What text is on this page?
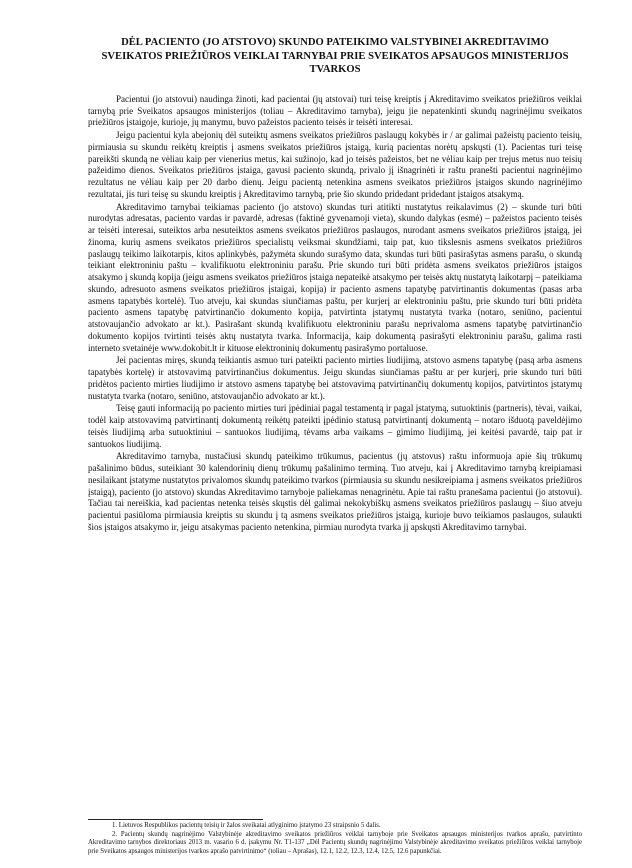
DĖL PACIENTO (JO ATSTOVO) SKUNDO PATEIKIMO VALSTYBINEI AKREDITAVIMO SVEIKATOS PRIEŽIŪROS VEIKLAI TARNYBAI PRIE SVEIKATOS APSAUGOS MINISTERIJOS TVARKOS

Pacientui (jo atstovui) naudinga žinoti, kad pacientai (jų atstovai) turi teisę kreiptis į Akreditavimo sveikatos priežiūros veiklai tarnybą prie Sveikatos apsaugos ministerijos (toliau – Akreditavimo tarnyba), jeigu jie nepatenkinti skundų nagrinėjimu sveikatos priežiūros įstaigoje, kurioje, jų manymu, buvo pažeistos paciento teisės ir teisėti interesai.

Jeigu pacientui kyla abejonių dėl suteiktų asmens sveikatos priežiūros paslaugų kokybės ir / ar galimai pažeistų paciento teisių, pirmiausia su skundu reikėtų kreiptis į asmens sveikatos priežiūros įstaigą, kurią pacientas norėtų apskųsti (1). Pacientas turi teisę pareikšti skundą ne vėliau kaip per vienerius metus, kai sužinojo, kad jo teisės pažeistos, bet ne vėliau kaip per trejus metus nuo teisių pažeidimo dienos. Sveikatos priežiūros įstaiga, gavusi paciento skundą, privalo jį išnagrinėti ir raštu pranešti pacientui nagrinėjimo rezultatus ne vėliau kaip per 20 darbo dienų. Jeigu pacientą netenkina asmens sveikatos priežiūros įstaigos skundo nagrinėjimo rezultatai, jis turi teisę su skundu kreiptis į Akreditavimo tarnybą, prie šio skundo pridedant pridedant įstaigos atsakymą.

Akreditavimo tarnybai teikiamas paciento (jo atstovo) skundas turi atitikti nustatytus reikalavimus (2) – skunde turi būti nurodytas adresatas, paciento vardas ir pavardė, adresas (faktinė gyvenamoji vieta), skundo dalykas (esmė) – pažeistos paciento teisės ar teisėti interesai, suteiktos arba nesuteiktos asmens sveikatos priežiūros paslaugos, nurodant asmens sveikatos priežiūros įstaigą, jei žinoma, kurių asmens sveikatos priežiūros specialistų veiksmai skundžiami, taip pat, kuo tikslesnis asmens sveikatos priežiūros paslaugų teikimo laikotarpis, kitos aplinkybės, pažymėta skundo surašymo data, skundas turi būti pasirašytas asmens parašu, o skundą teikiant elektroniniu paštu – kvalifikuotu elektroniniu parašu. Prie skundo turi būti pridėta asmens sveikatos priežiūros įstaigos atsakymo į skundą kopija (jeigu asmens sveikatos priežiūros įstaiga nepateikė atsakymo per teisės aktų nustatytą laikotarpį – pateikiama skundo, adresuoto asmens sveikatos priežiūros įstaigai, kopija) ir paciento asmens tapatybę patvirtinantis dokumentas (pasas arba asmens tapatybės kortelė). Tuo atveju, kai skundas siunčiamas paštu, per kurjerį ar elektroniniu paštu, prie skundo turi būti pridėta paciento asmens tapatybę patvirtinančio dokumento kopija, patvirtinta įstatymų nustatyta tvarka (notaro, seniūno, pacientui atstovaujančio advokato ar kt.). Pasirašant skundą kvalifikuotu elektroniniu parašu neprivaloma asmens tapatybę patvirtinančio dokumento kopijos tvirtinti teisės aktų nustatyta tvarka. Informacija, kaip dokumentą pasirašyti elektroniniu parašu, galima rasti interneto svetainėje www.dokobit.lt ir kituose elektroninių dokumentų pasirašymo portaluose.

Jei pacientas miręs, skundą teikiantis asmuo turi pateikti paciento mirties liudijimą, atstovo asmens tapatybę (pasą arba asmens tapatybės kortelę) ir atstovavimą patvirtinančius dokumentus. Jeigu skundas siunčiamas paštu ar per kurjerį, prie skundo turi būti pridėtos paciento mirties liudijimo ir atstovo asmens tapatybę bei atstovavimą patvirtinančių dokumentų kopijos, patvirtintos įstatymų nustatyta tvarka (notaro, seniūno, atstovaujančio advokato ar kt.).

Teisę gauti informaciją po paciento mirties turi įpėdiniai pagal testamentą ir pagal įstatymą, sutuoktinis (partneris), tėvai, vaikai, todėl kaip atstovavimą patvirtinantį dokumentą reikėtų pateikti įpėdinio statusą patvirtinantį dokumentą – notaro išduotą paveldėjimo teisės liudijimą arba sutuoktiniui – santuokos liudijimą, tėvams arba vaikams – gimimo liudijimą, jei keitėsi pavardė, taip pat ir santuokos liudijimą.

Akreditavimo tarnyba, nustačiusi skundų pateikimo trūkumus, pacientus (jų atstovus) raštu informuoja apie šių trūkumų pašalinimo būdus, suteikiant 30 kalendorinių dienų trūkumų pašalinimo terminą. Tuo atveju, kai į Akreditavimo tarnybą kreipiamasi nesilaikant įstatyme nustatytos privalomos skundų pateikimo tvarkos (pirmiausia su skundu nesikreipiama į asmens sveikatos priežiūros įstaigą), paciento (jo atstovo) skundas Akreditavimo tarnyboje paliekamas nenagrinėtu. Apie tai raštu pranešama pacientui (jo atstovui). Tačiau tai nereiškia, kad pacientas netenka teisės skųstis dėl galimai nekokybiškų asmens sveikatos priežiūros paslaugų – šiuo atveju pacientui pasiūloma pirmiausia kreiptis su skundu į tą asmens sveikatos priežiūros įstaigą, kurioje buvo teikiamos paslaugos, sulaukti šios įstaigos atsakymo ir, jeigu atsakymas paciento netenkina, pirmiau nurodyta tvarka jį apskųsti Akreditavimo tarnybai.

1. Lietuvos Respublikos pacientų teisių ir žalos sveikatai atlyginimo įstatymo 23 straipsnio 5 dalis.

2. Pacientų skundų nagrinėjimo Valstybinėje akreditavimo sveikatos priežiūros veiklai tarnyboje prie Sveikatos apsaugos ministerijos tvarkos aprašo, patvirtinto Akreditavimo tarnybos direktoriaus 2013 m. vasario 6 d. įsakymu Nr. T1-137 „Dėl Pacientų skundų nagrinėjimo Valstybinėje akreditavimo sveikatos priežiūros veiklai tarnyboje prie Sveikatos apsaugos ministerijos tvarkos aprašo patvirtinimo“ (toliau – Aprašas), 12.1, 12.2, 12.3, 12.4, 12.5, 12.6 papunkčiai.
